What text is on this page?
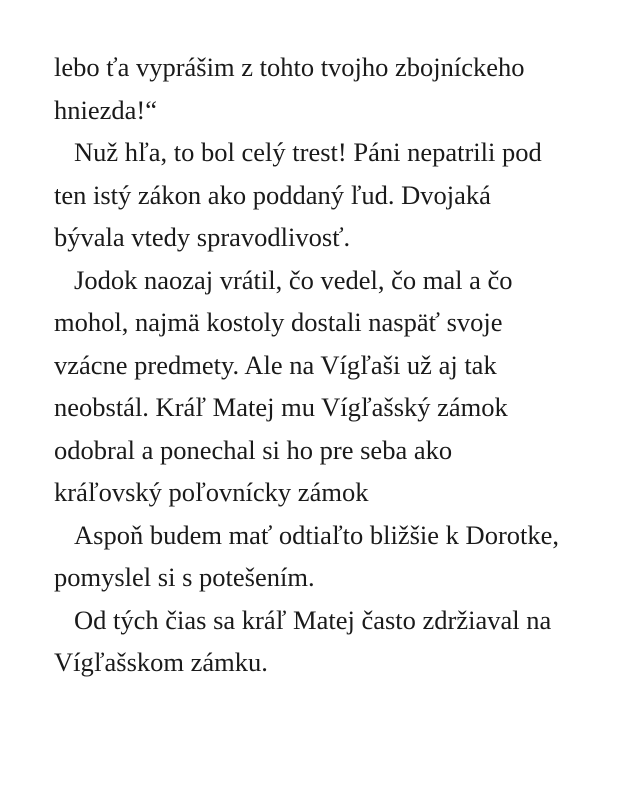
lebo ťa vyprášim z tohto tvojho zbojníckeho
hniezda!“
Nuž hľa, to bol celý trest! Páni nepatrili pod
ten istý zákon ako poddaný ľud. Dvojaká
bývala vtedy spravodlivosť.
Jodok naozaj vrátil, čo vedel, čo mal a čo
mohol, najmä kostoly dostali naspäť svoje
vzácne predmety. Ale na Vígľaši už aj tak
neobstál. Kráľ Matej mu Vígľašský zámok
odobral a ponechal si ho pre seba ako
kráľovský poľovnícky zámok
Aspoň budem mať odtiaľto bližšie k Dorotke,
pomyslel si s potešením.
Od tých čias sa kráľ Matej často zdržiaval na
Vígľašskom zámku.
